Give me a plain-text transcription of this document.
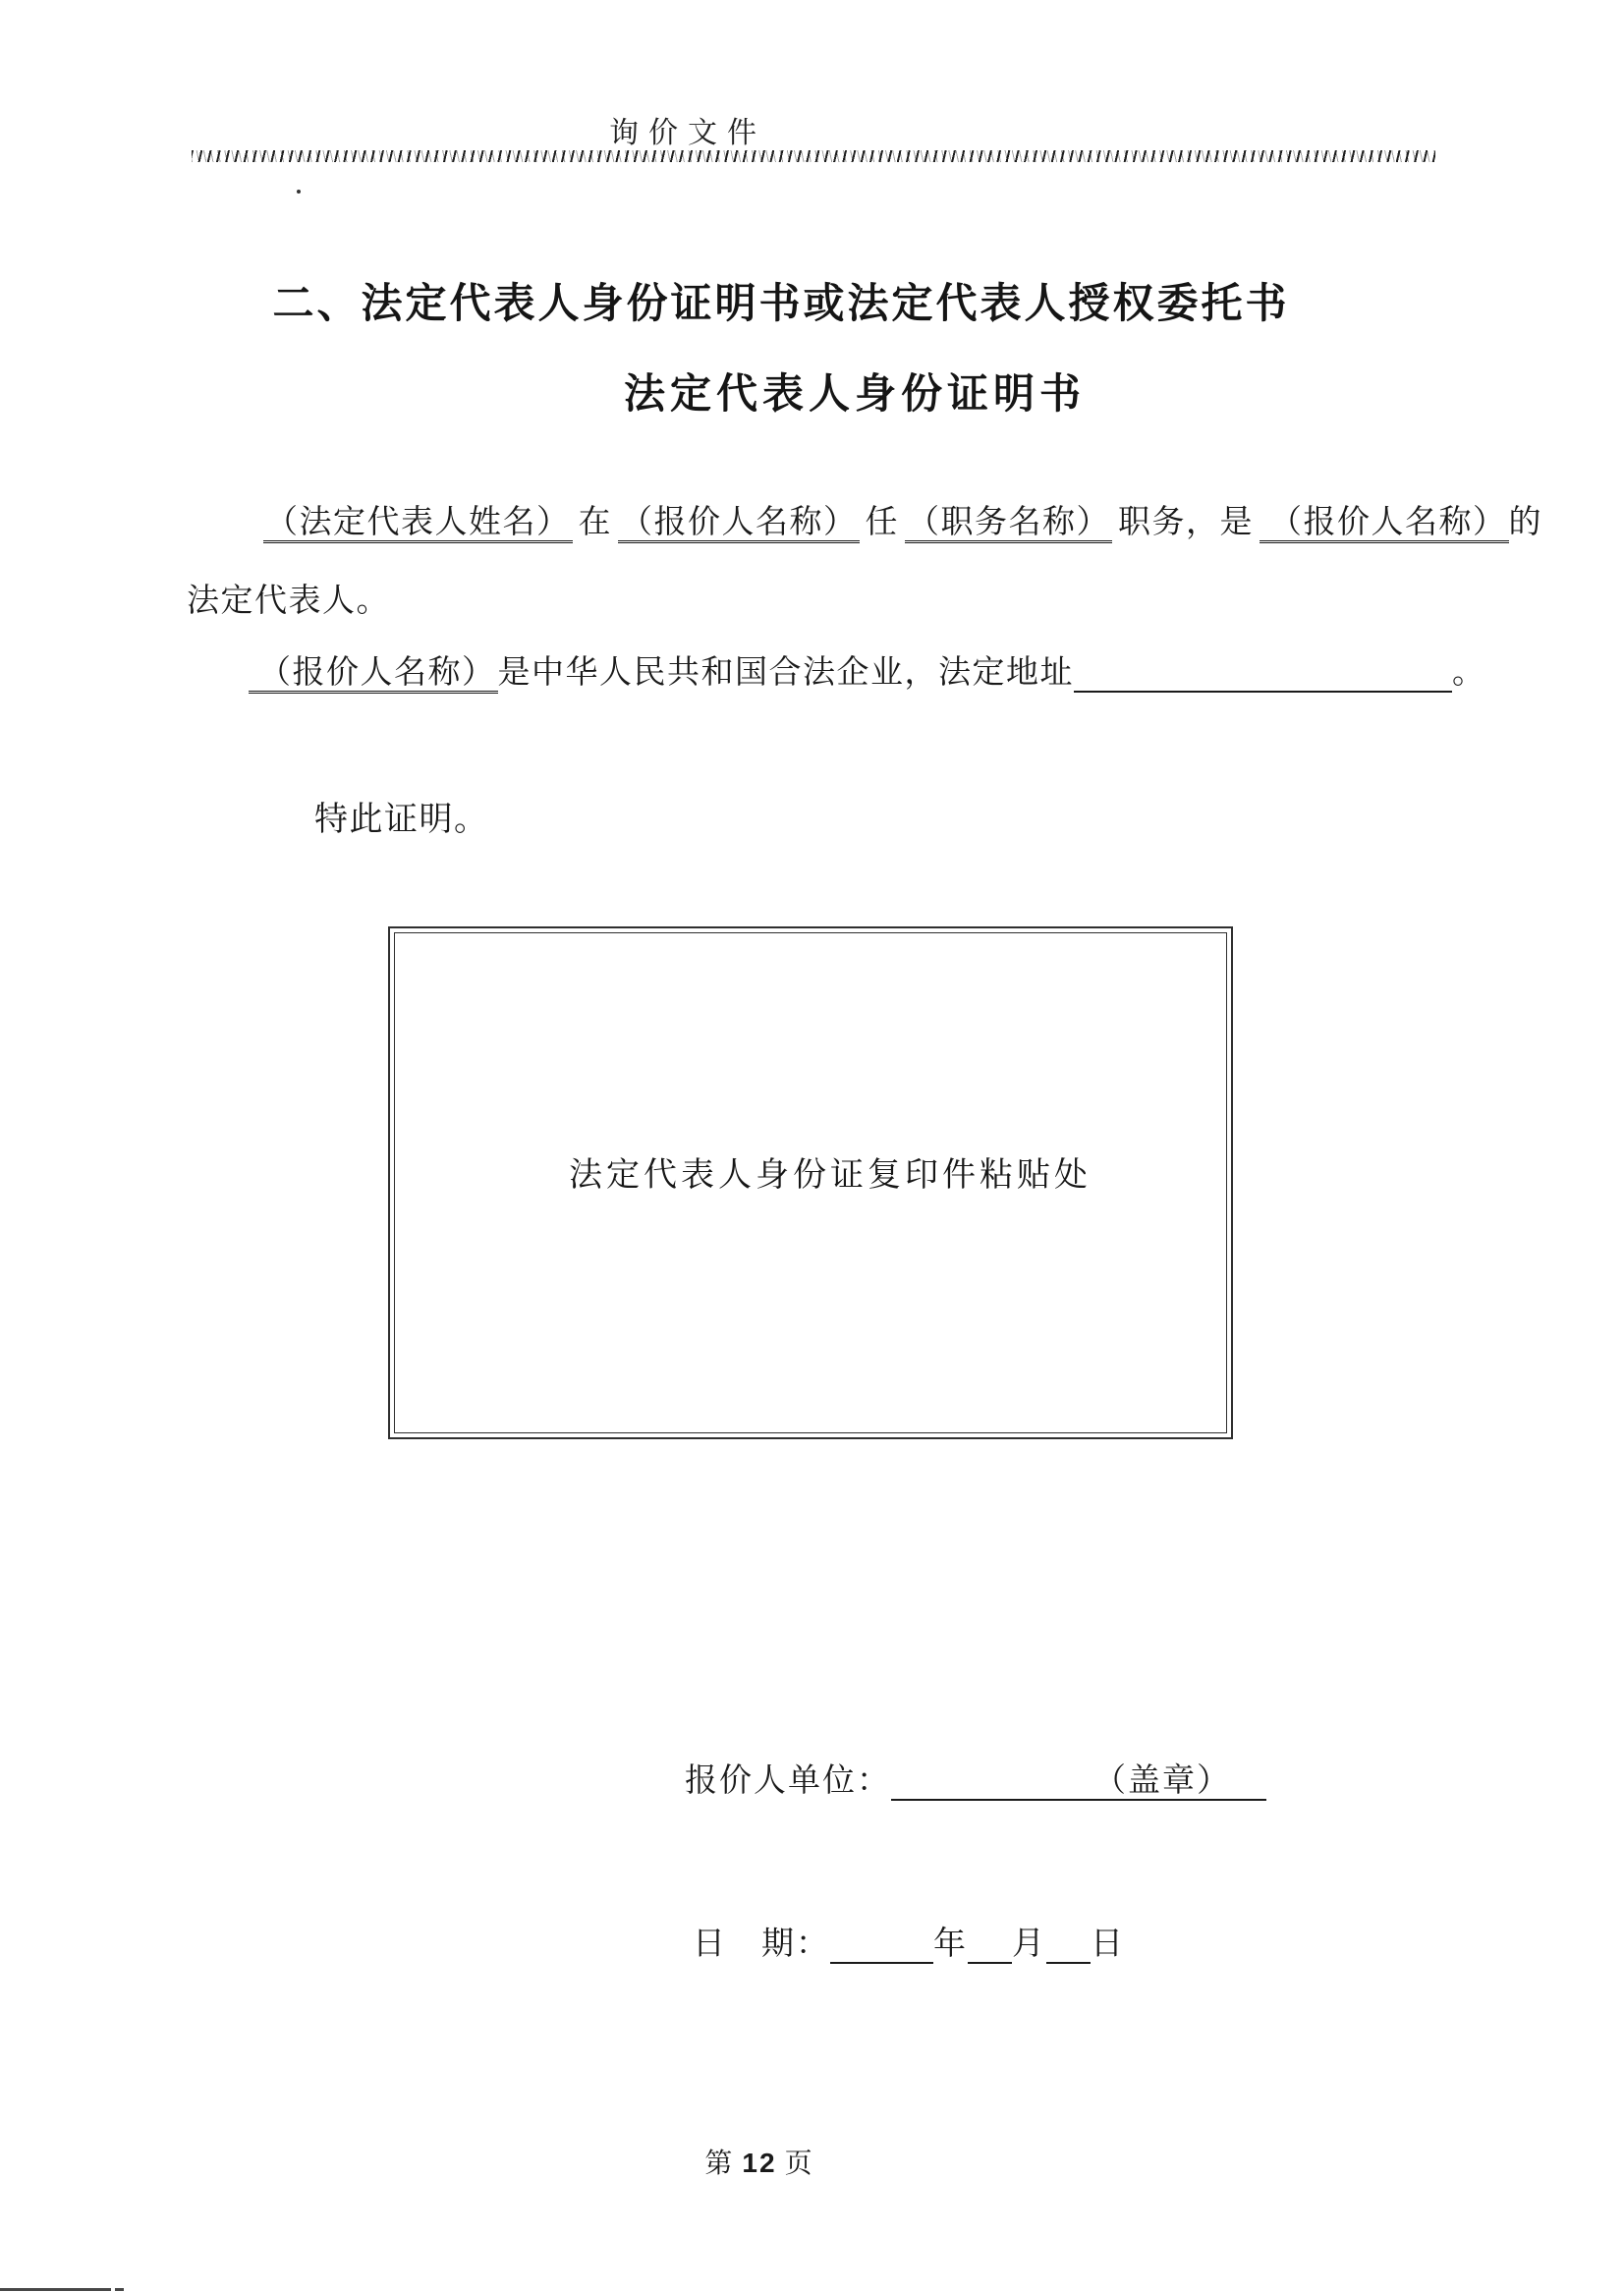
询价文件
二、法定代表人身份证明书或法定代表人授权委托书
法定代表人身份证明书
（法定代表人姓名） 在 （报价人名称） 任 （职务名称） 职务，是 （报价人名称）的
法定代表人。
（报价人名称）是中华人民共和国合法企业，法定地址	。
特此证明。
法定代表人身份证复印件粘贴处
报价人单位：	（盖章）
日　期：	年 月 日
第 12 页
